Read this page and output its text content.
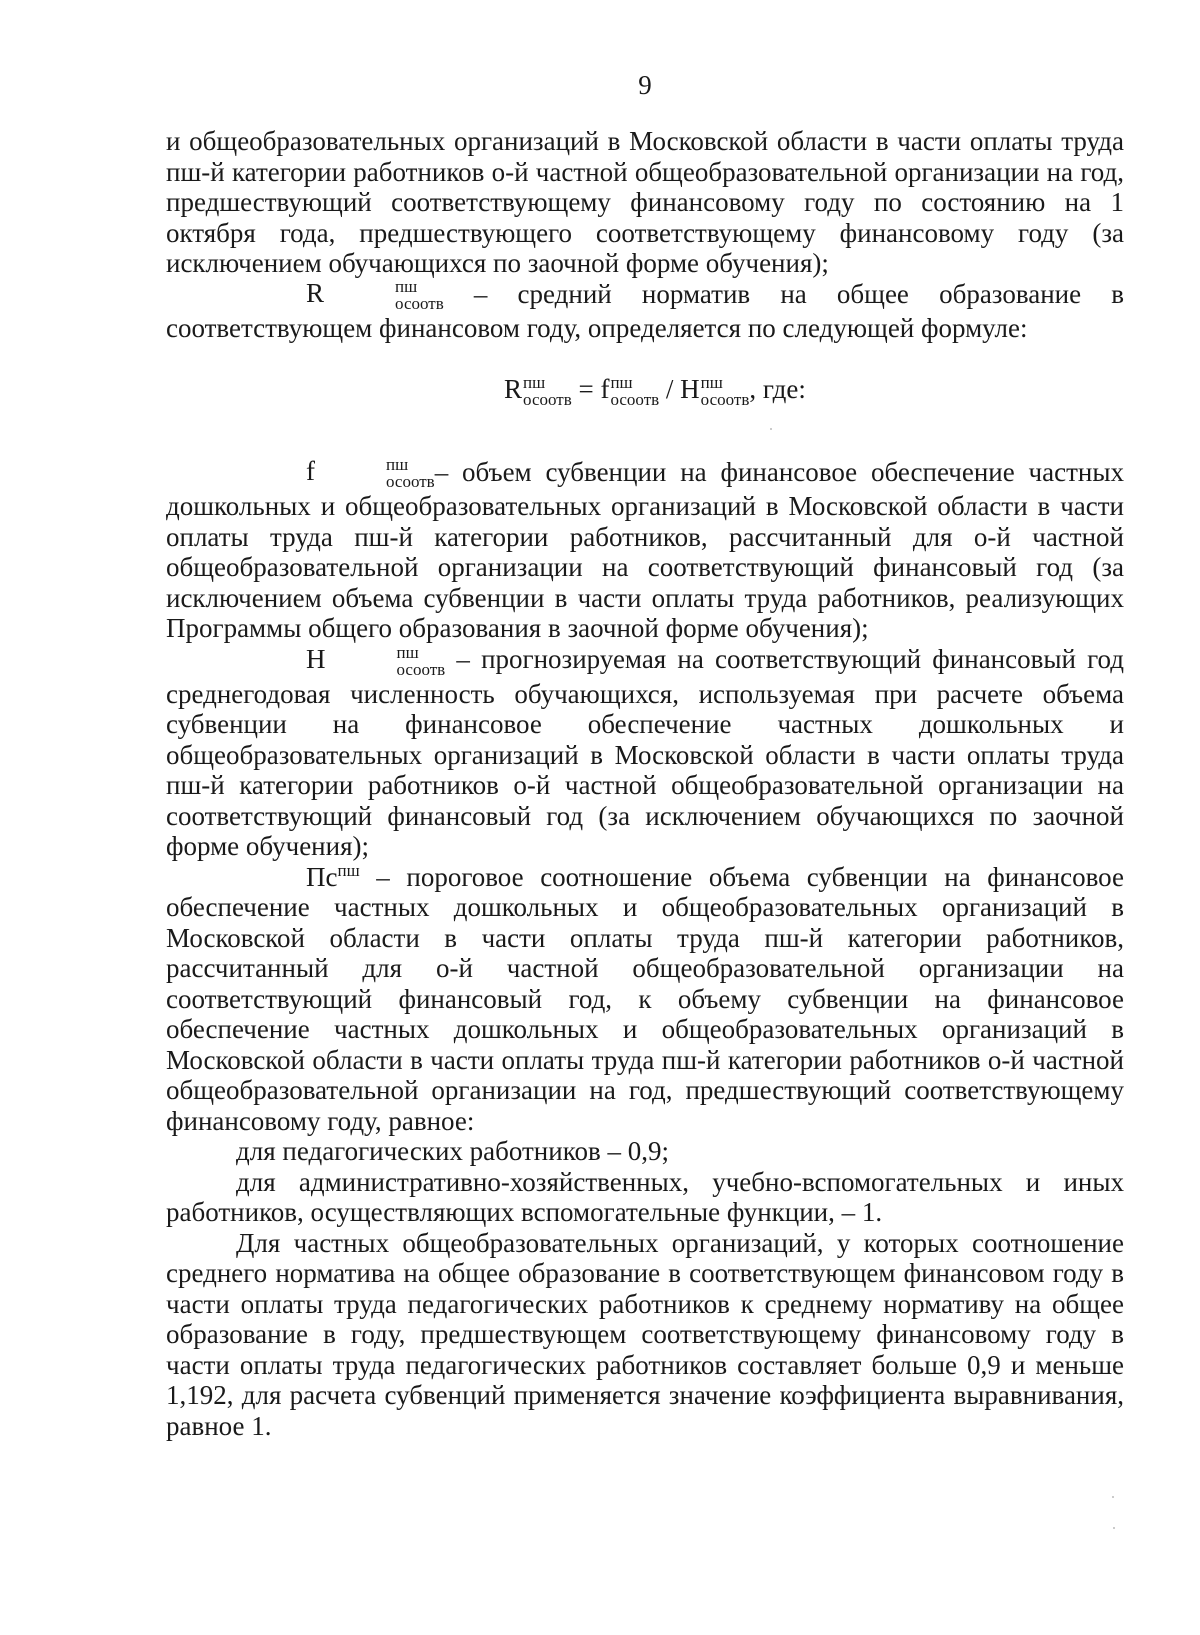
9

и общеобразовательных организаций в Московской области в части оплаты труда пш-й категории работников о-й частной общеобразовательной организации на год, предшествующий соответствующему финансовому году по состоянию на 1 октября года, предшествующего соответствующему финансовому году (за исключением обучающихся по заочной форме обучения);

R	пш
осоотв – средний норматив на общее образование в соответствующем финансовом году, определяется по следующей формуле:

R пш
осоотв = f пш
осоотв / H пш
осоотв , где:

f	пш
осоотв – объем субвенции на финансовое обеспечение частных дошкольных и общеобразовательных организаций в Московской области в части оплаты труда пш-й категории работников, рассчитанный для о-й частной общеобразовательной организации на соответствующий финансовый год (за исключением объема субвенции в части оплаты труда работников, реализующих Программы общего образования в заочной форме обучения);

H	пш
осоотв – прогнозируемая на соответствующий финансовый год среднегодовая численность обучающихся, используемая при расчете объема субвенции на финансовое обеспечение частных дошкольных и общеобразовательных организаций в Московской области в части оплаты труда пш-й категории работников о-й частной общеобразовательной организации на соответствующий финансовый год (за исключением обучающихся по заочной форме обучения);

$Пс^{пш}$ – пороговое соотношение объема субвенции на финансовое обеспечение частных дошкольных и общеобразовательных организаций в Московской области в части оплаты труда пш-й категории работников, рассчитанный для о-й частной общеобразовательной организации на соответствующий финансовый год, к объему субвенции на финансовое обеспечение частных дошкольных и общеобразовательных организаций в Московской области в части оплаты труда пш-й категории работников о-й частной общеобразовательной организации на год, предшествующий соответствующему финансовому году, равное:

для педагогических работников – 0,9;

для административно-хозяйственных, учебно-вспомогательных и иных работников, осуществляющих вспомогательные функции, – 1.

Для частных общеобразовательных организаций, у которых соотношение среднего норматива на общее образование в соответствующем финансовом году в части оплаты труда педагогических работников к среднему нормативу на общее образование в году, предшествующем соответствующему финансовому году в части оплаты труда педагогических работников составляет больше 0,9 и меньше 1,192, для расчета субвенций применяется значение коэффициента выравнивания, равное 1.
